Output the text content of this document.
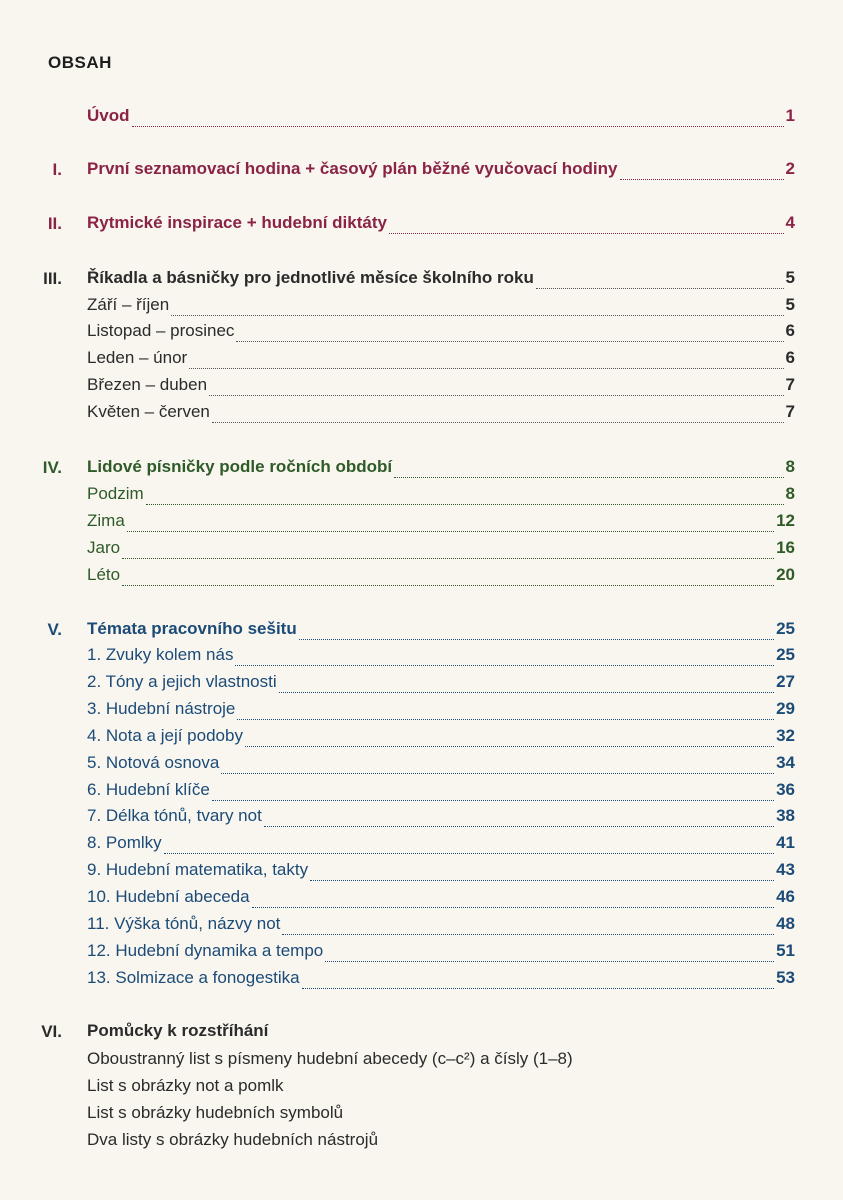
OBSAH
Úvod	1
I. První seznamovací hodina + časový plán běžné vyučovací hodiny	2
II. Rytmické inspirace + hudební diktáty	4
III. Říkadla a básničky pro jednotlivé měsíce školního roku	5
Září – říjen	5
Listopad – prosinec	6
Leden – únor	6
Březen – duben	7
Květen – červen	7
IV. Lidové písničky podle ročních období	8
Podzim	8
Zima	12
Jaro	16
Léto	20
V. Témata pracovního sešitu	25
1. Zvuky kolem nás	25
2. Tóny a jejich vlastnosti	27
3. Hudební nástroje	29
4. Nota a její podoby	32
5. Notová osnova	34
6. Hudební klíče	36
7. Délka tónů, tvary not	38
8. Pomlky	41
9. Hudební matematika, takty	43
10. Hudební abeceda	46
11. Výška tónů, názvy not	48
12. Hudební dynamika a tempo	51
13. Solmizace a fonogestika	53
VI. Pomůcky k rozstříhání
Oboustranný list s písmeny hudební abecedy (c–c²) a čísly (1–8)
List s obrázky not a pomlk
List s obrázky hudebních symbolů
Dva listy s obrázky hudebních nástrojů
